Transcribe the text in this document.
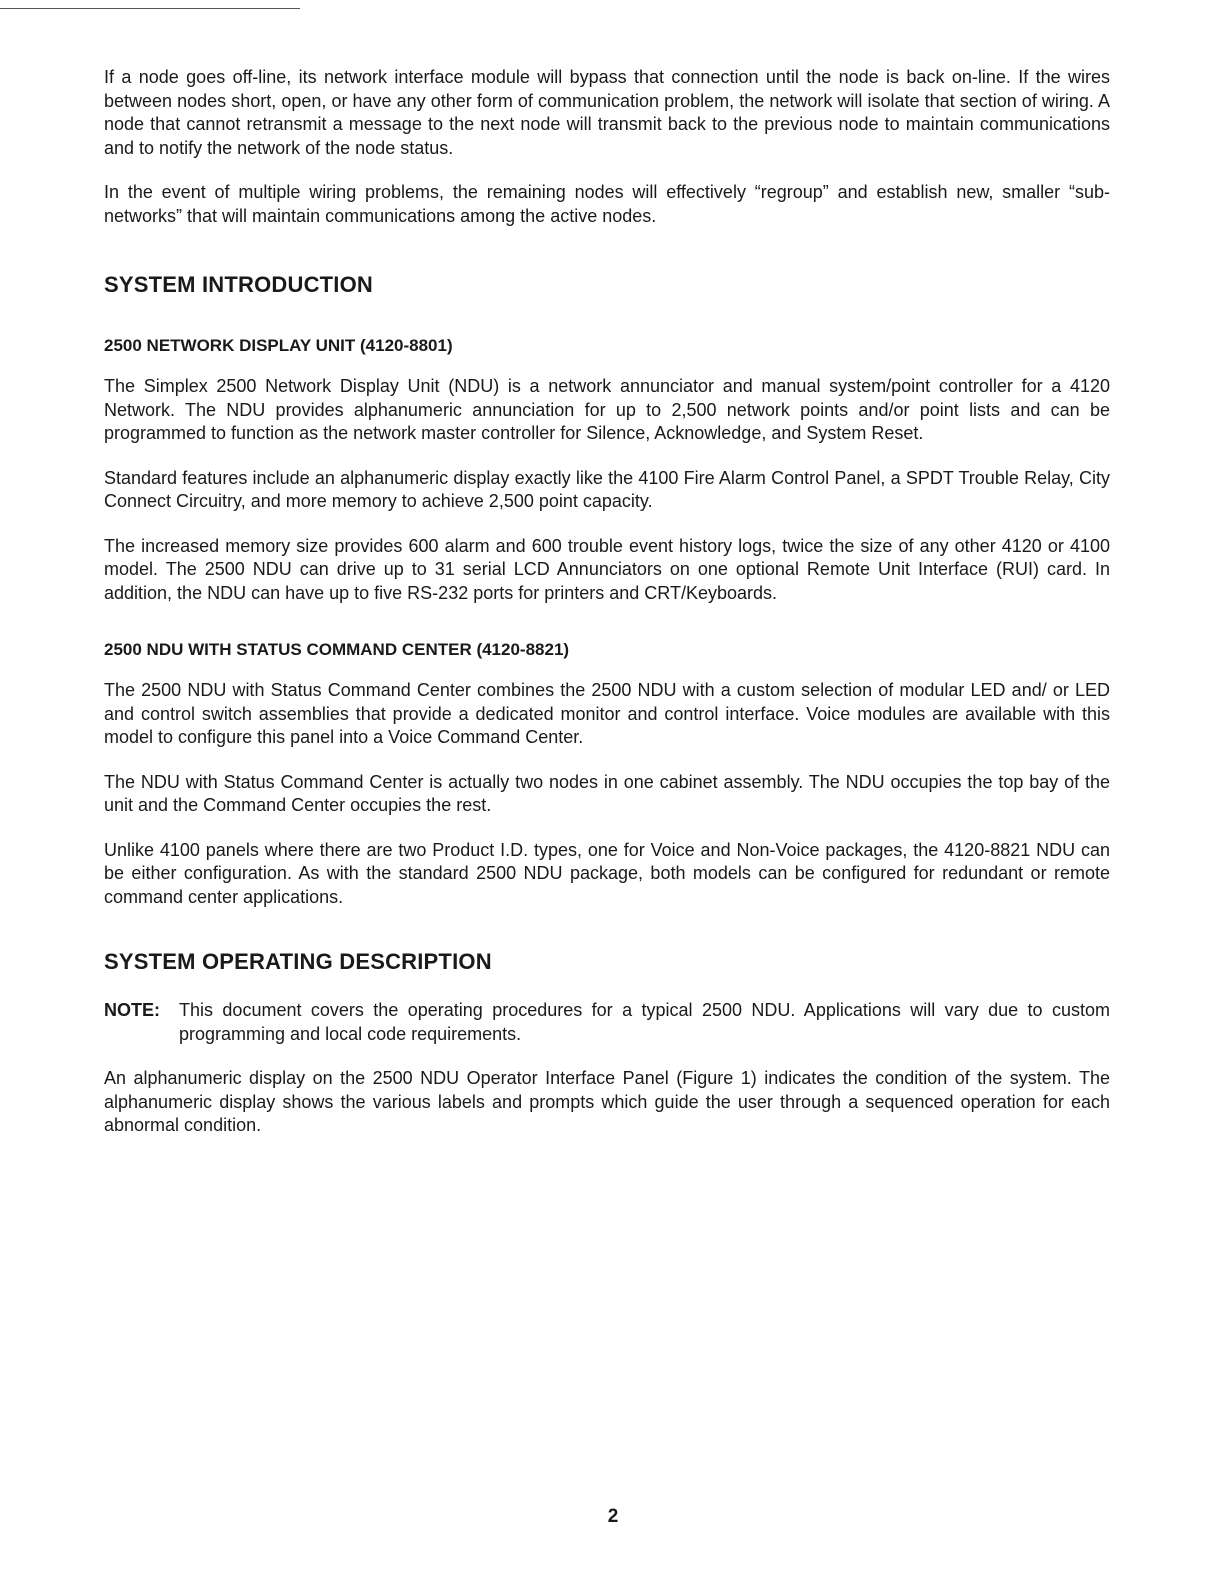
If a node goes off-line, its network interface module will bypass that connection until the node is back on-line. If the wires between nodes short, open, or have any other form of communication problem, the network will isolate that section of wiring. A node that cannot retransmit a message to the next node will transmit back to the previous node to maintain communications and to notify the network of the node status.

In the event of multiple wiring problems, the remaining nodes will effectively “regroup” and establish new, smaller “sub-networks” that will maintain communications among the active nodes.

SYSTEM INTRODUCTION
2500 NETWORK DISPLAY UNIT (4120-8801)

The Simplex 2500 Network Display Unit (NDU) is a network annunciator and manual system/point controller for a 4120 Network. The NDU provides alphanumeric annunciation for up to 2,500 network points and/or point lists and can be programmed to function as the network master controller for Silence, Acknowledge, and System Reset.

Standard features include an alphanumeric display exactly like the 4100 Fire Alarm Control Panel, a SPDT Trouble Relay, City Connect Circuitry, and more memory to achieve 2,500 point capacity.

The increased memory size provides 600 alarm and 600 trouble event history logs, twice the size of any other 4120 or 4100 model. The 2500 NDU can drive up to 31 serial LCD Annunciators on one optional Remote Unit Interface (RUI) card. In addition, the NDU can have up to five RS-232 ports for printers and CRT/Keyboards.

2500 NDU WITH STATUS COMMAND CENTER (4120-8821)

The 2500 NDU with Status Command Center combines the 2500 NDU with a custom selection of modular LED and/ or LED and control switch assemblies that provide a dedicated monitor and control interface. Voice modules are available with this model to configure this panel into a Voice Command Center.

The NDU with Status Command Center is actually two nodes in one cabinet assembly. The NDU occupies the top bay of the unit and the Command Center occupies the rest.

Unlike 4100 panels where there are two Product I.D. types, one for Voice and Non-Voice packages, the 4120-8821 NDU can be either configuration. As with the standard 2500 NDU package, both models can be configured for redundant or remote command center applications.

SYSTEM OPERATING DESCRIPTION
NOTE:	This document covers the operating procedures for a typical 2500 NDU. Applications will vary due to custom programming and local code requirements.

An alphanumeric display on the 2500 NDU Operator Interface Panel (Figure 1) indicates the condition of the system. The alphanumeric display shows the various labels and prompts which guide the user through a sequenced operation for each abnormal condition.

2
